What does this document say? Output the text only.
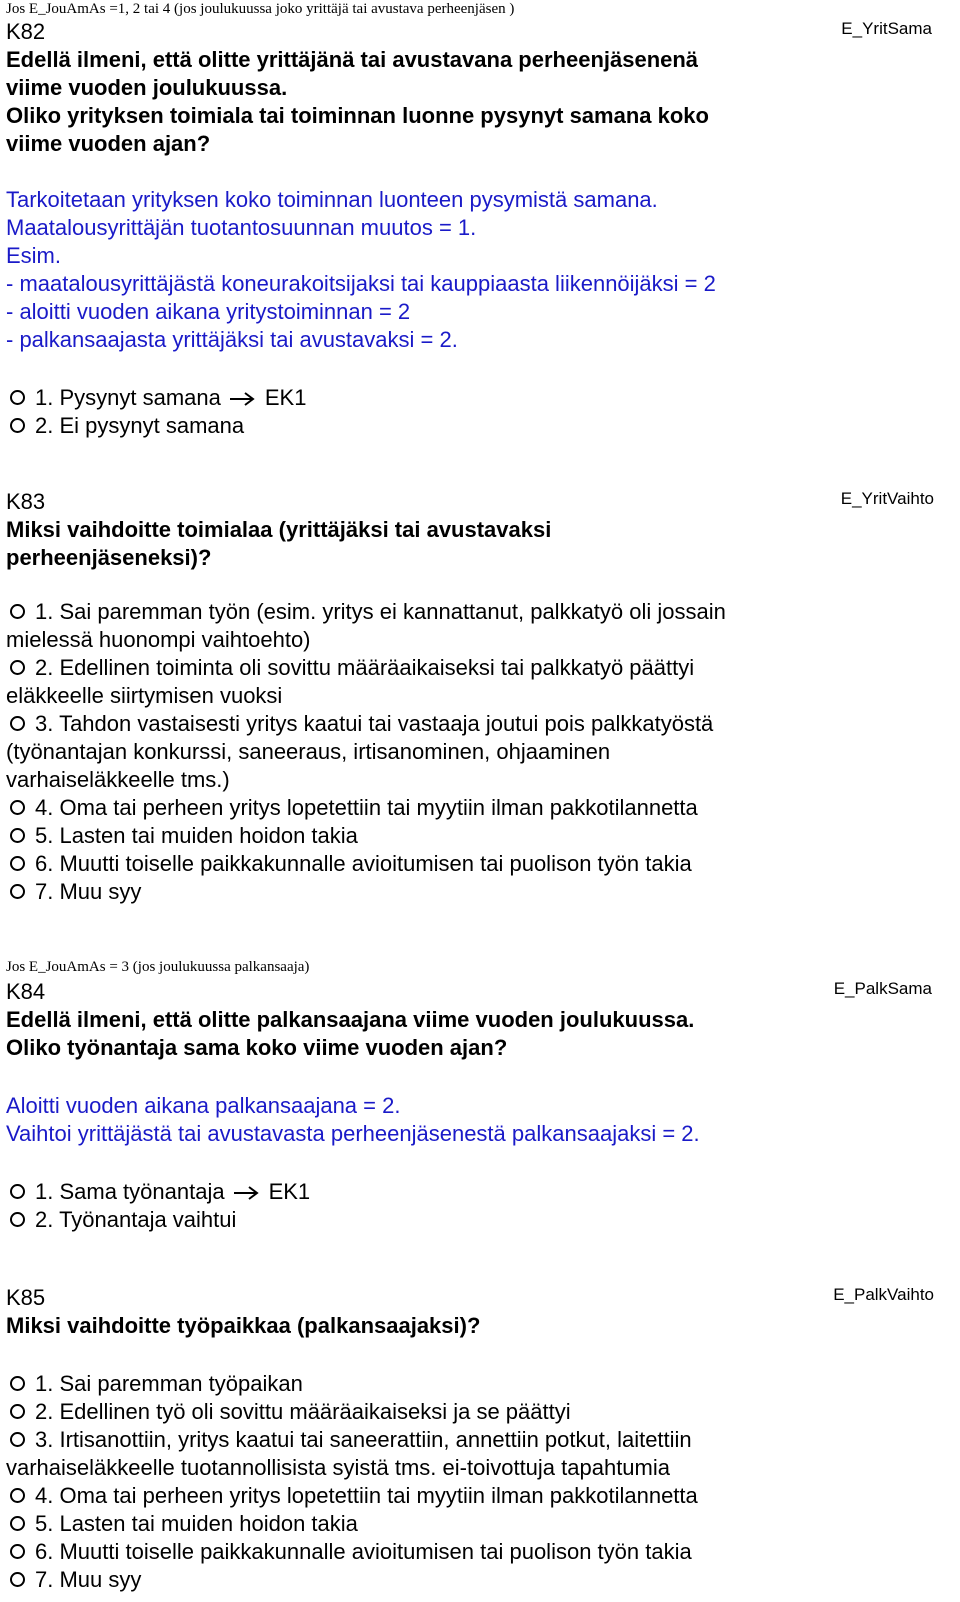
Jos E_JouAmAs =1, 2 tai 4 (jos joulukuussa joko yrittäjä tai avustava perheenjäsen )
K82	E_YritSama
Edellä ilmeni, että olitte yrittäjänä tai avustavana perheenjäsenenä
viime vuoden joulukuussa.
Oliko yrityksen toimiala tai toiminnan luonne pysynyt samana koko
viime vuoden ajan?
Tarkoitetaan yrityksen koko toiminnan luonteen pysymistä samana.
Maatalousyrittäjän tuotantosuunnan muutos = 1.
Esim.
- maatalousyrittäjästä koneurakoitsijaksi tai kauppiaasta liikennöijäksi = 2
- aloitti vuoden aikana yritystoiminnan = 2
- palkansaajasta yrittäjäksi tai avustavaksi = 2.
1. Pysynyt samana EK1
2. Ei pysynyt samana
K83	E_YritVaihto
Miksi vaihdoitte toimialaa (yrittäjäksi tai avustavaksi
perheenjäseneksi)?
1. Sai paremman työn (esim. yritys ei kannattanut, palkkatyö oli jossain
mielessä huonompi vaihtoehto)
2. Edellinen toiminta oli sovittu määräaikaiseksi tai palkkatyö päättyi
eläkkeelle siirtymisen vuoksi
3. Tahdon vastaisesti yritys kaatui tai vastaaja joutui pois palkkatyöstä
(työnantajan konkurssi, saneeraus, irtisanominen, ohjaaminen
varhaiseläkkeelle tms.)
4. Oma tai perheen yritys lopetettiin tai myytiin ilman pakkotilannetta
5. Lasten tai muiden hoidon takia
6. Muutti toiselle paikkakunnalle avioitumisen tai puolison työn takia
7. Muu syy
Jos E_JouAmAs = 3 (jos joulukuussa palkansaaja)
K84	E_PalkSama
Edellä ilmeni, että olitte palkansaajana viime vuoden joulukuussa.
Oliko työnantaja sama koko viime vuoden ajan?
Aloitti vuoden aikana palkansaajana = 2.
Vaihtoi yrittäjästä tai avustavasta perheenjäsenestä palkansaajaksi = 2.
1. Sama työnantaja EK1
2. Työnantaja vaihtui
K85	E_PalkVaihto
Miksi vaihdoitte työpaikkaa (palkansaajaksi)?
1. Sai paremman työpaikan
2. Edellinen työ oli sovittu määräaikaiseksi ja se päättyi
3. Irtisanottiin, yritys kaatui tai saneerattiin, annettiin potkut, laitettiin
varhaiseläkkeelle tuotannollisista syistä tms. ei-toivottuja tapahtumia
4. Oma tai perheen yritys lopetettiin tai myytiin ilman pakkotilannetta
5. Lasten tai muiden hoidon takia
6. Muutti toiselle paikkakunnalle avioitumisen tai puolison työn takia
7. Muu syy
